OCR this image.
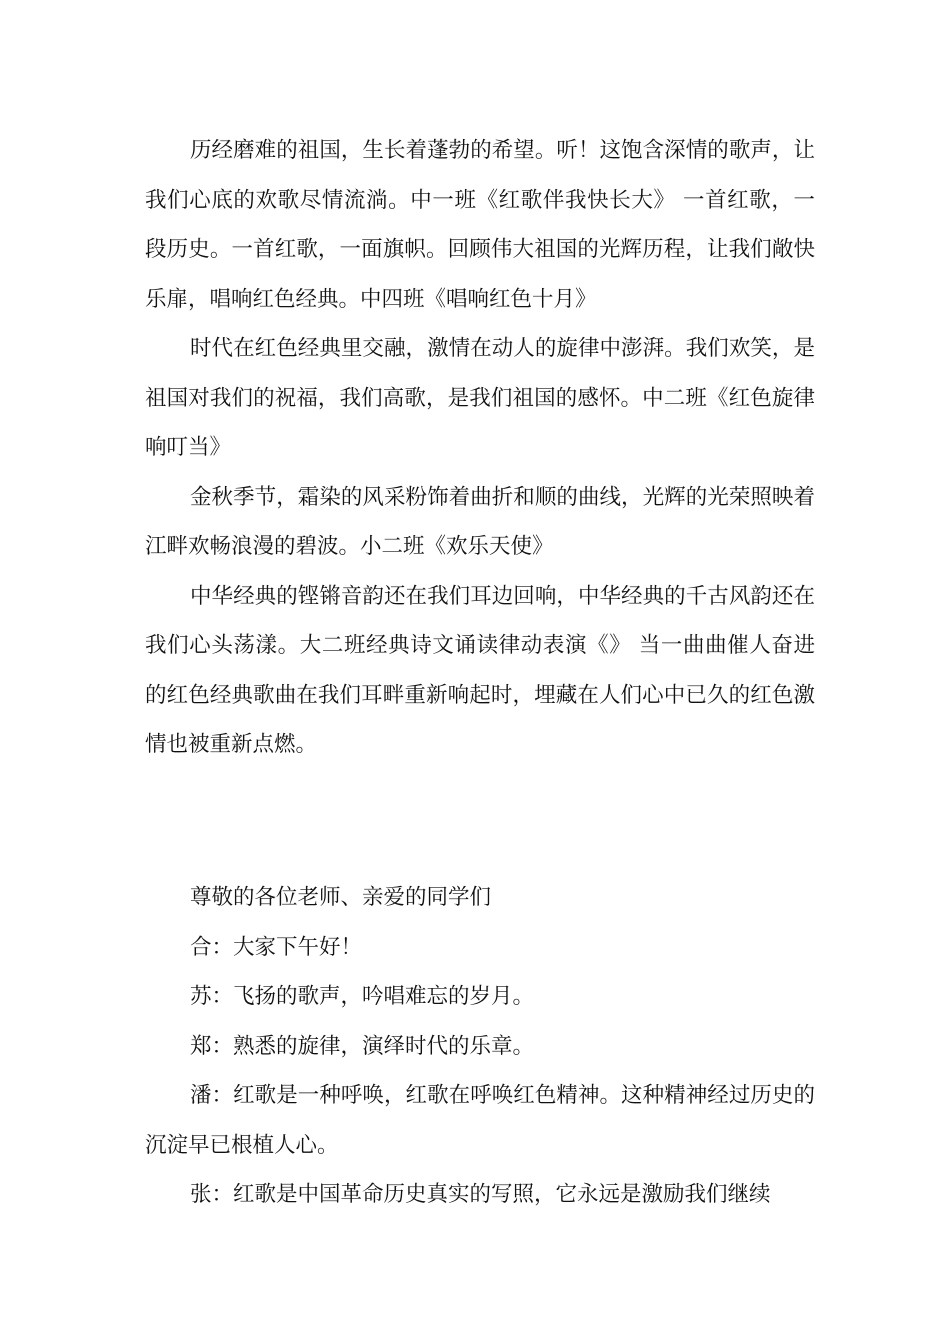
历经磨难的祖国，生长着蓬勃的希望。听！这饱含深情的歌声，让我们心底的欢歌尽情流淌。中一班《红歌伴我快长大》 一首红歌，一段历史。一首红歌，一面旗帜。回顾伟大祖国的光辉历程，让我们敞快乐扉，唱响红色经典。中四班《唱响红色十月》

时代在红色经典里交融，激情在动人的旋律中澎湃。我们欢笑，是祖国对我们的祝福，我们高歌，是我们祖国的感怀。中二班《红色旋律响叮当》

金秋季节，霜染的风采粉饰着曲折和顺的曲线，光辉的光荣照映着江畔欢畅浪漫的碧波。小二班《欢乐天使》

中华经典的铿锵音韵还在我们耳边回响，中华经典的千古风韵还在我们心头荡漾。大二班经典诗文诵读律动表演《》 当一曲曲催人奋进的红色经典歌曲在我们耳畔重新响起时，埋藏在人们心中已久的红色激情也被重新点燃。

尊敬的各位老师、亲爱的同学们

合：大家下午好！

苏：飞扬的歌声，吟唱难忘的岁月。

郑：熟悉的旋律，演绎时代的乐章。

潘：红歌是一种呼唤，红歌在呼唤红色精神。这种精神经过历史的沉淀早已根植人心。

张：红歌是中国革命历史真实的写照，它永远是激励我们继续
